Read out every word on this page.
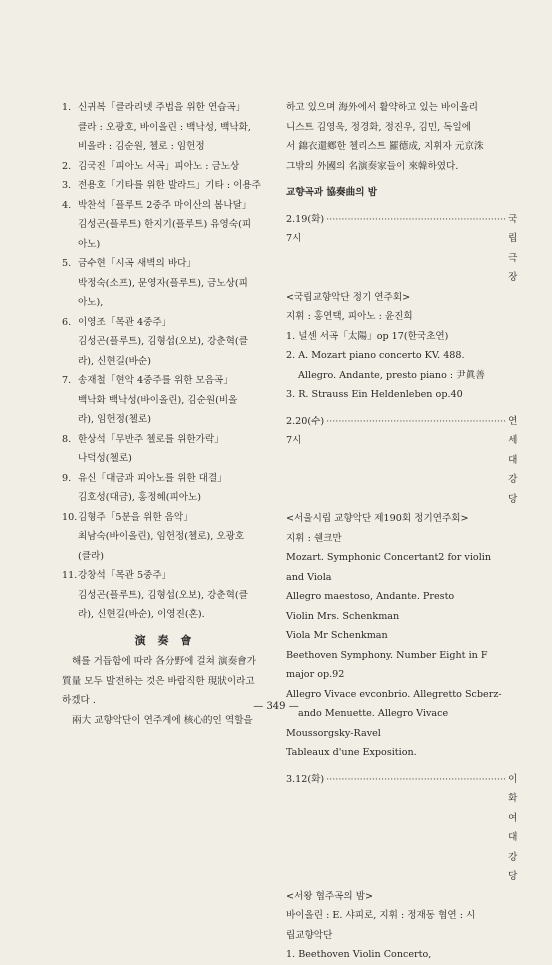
1. 신귀복「클라리넷 주법을 위한 연습곡」
클라 : 오광호, 바이올린 : 백낙성, 백낙화,
비올라 : 김순원, 첼로 : 임헌정
2. 김국진「피아노 서곡」피아노 : 금노상
3. 전용호「기타를 위한 발라드」기타 : 이용주
4. 박찬석「플루트 2중주 마이산의 봄나달」
김성곤(플루트) 한지기(플루트) 유영숙(피
아노)
5. 금수현「시곡 새벽의 바다」
박정숙(소프), 문영자(플루트), 금노상(피
아노),
6. 이영조「목관 4중주」
김성곤(플루트), 김형섭(오보), 강춘혁(클
라), 신현길(바순)
7. 송재철「현악 4중주를 위한 모음곡」
백낙화 백낙성(바이올린), 김순원(비올
라), 임헌정(첼로)
8. 한상석「무반주 첼로를 위한가락」
나덕성(첼로)
9. 유신「대금과 피아노를 위한 대결」
김호성(대금), 홍정혜(피아노)
10. 김형주「5분을 위한 음악」
최남숙(바이올린), 임헌정(첼로), 오광호
(클라)
11. 강창석「목관 5중주」
김성곤(플루트), 김형섭(오보), 강춘혁(클
라), 신현길(바순), 이영진(혼).
演 奏 會
해를 거듭함에 따라 各分野에 걸쳐 演奏會가
質量 모두 발전하는 것은 바람직한 現狀이라고
하겠다 .
兩大 교향악단이 연주계에 核心的인 역할을
하고 있으며 海外에서 활약하고 있는 바이올리
니스트 김영욱, 정경화, 정진우, 김민, 독일에
서 錦衣還鄕한 첼리스트 羅德成, 지휘자 元京洙
그밖의 外國의 名演奏家들이 來韓하였다.
교향곡과 協奏曲의 밤
2.19(화) 7시
··························································· 국립극장
<국립교향악단 정기 연주회>
지휘 : 홍연택, 피아노 : 윤진희
1. 널센 서곡「太陽」op 17(한국초연)
2. A. Mozart piano concerto KV. 488.
Allegro. Andante, presto piano : 尹眞善
3. R. Strauss Ein Heldenleben op.40
2.20(수) 7시
··························································· 연세대 강당
<서울시립 교향악단 제190회 정기연주회>
지휘 : 쉔크만
Mozart. Symphonic Concertant2 for violin
and Viola
Allegro maestoso, Andante. Presto
Violin Mrs. Schenkman
Viola Mr Schenkman
Beethoven Symphony. Number Eight in F
major op.92
Allegro Vivace evconbrio. Allegretto Scberz-
ando Menuette. Allegro Vivace
Moussorgsky-Ravel
Tableaux d'une Exposition.
3.12(화) ··························································· 이화여대 강당
<서왕 협주곡의 밤>
바이올린 : E. 샤피로, 지휘 : 정재동 협연 : 시
립교향악단
1. Beethoven Violin Concerto,
— 349 —
